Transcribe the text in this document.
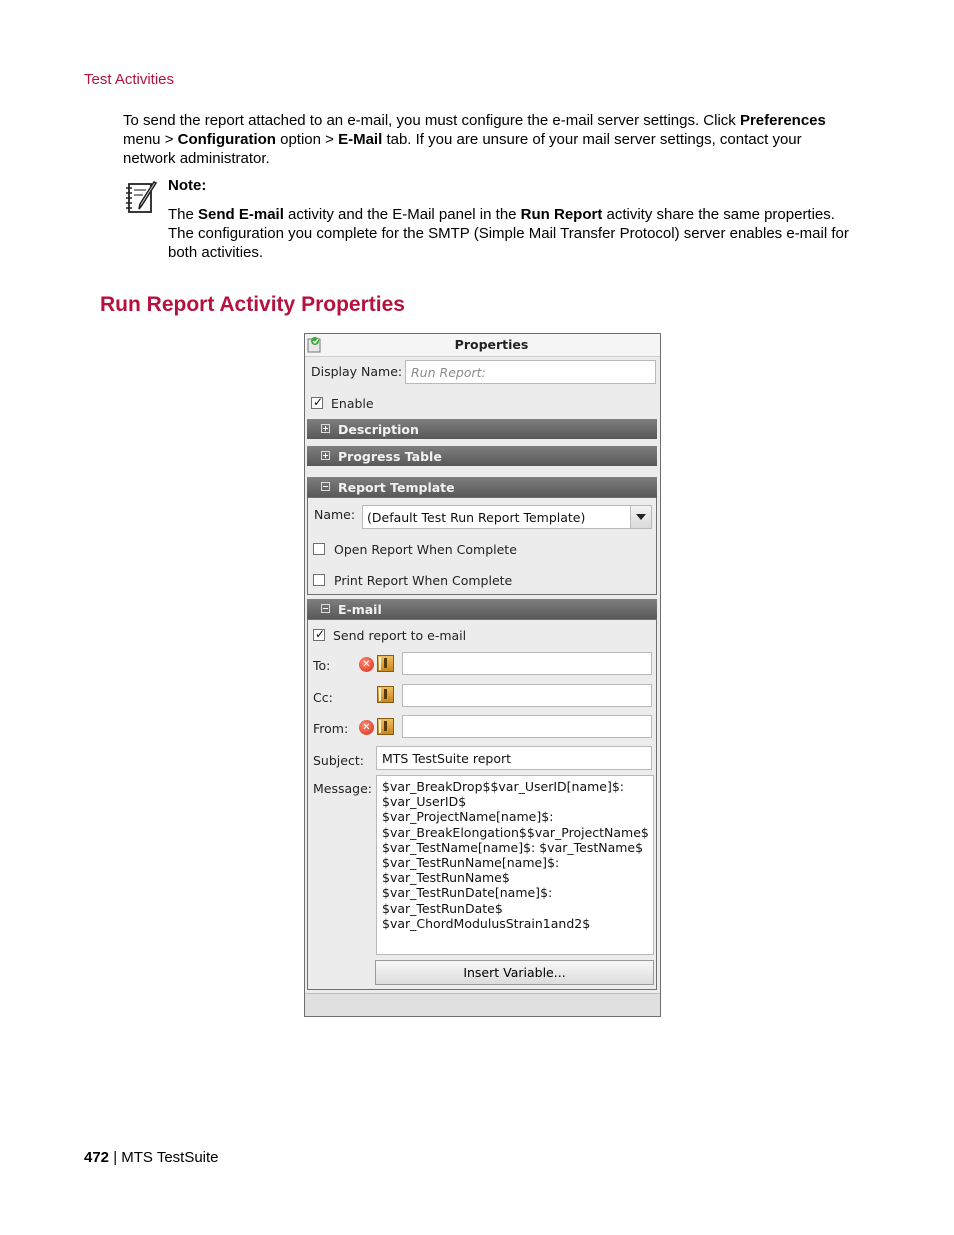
Test Activities
To send the report attached to an e-mail, you must configure the e-mail server settings. Click Preferences menu > Configuration option > E-Mail tab. If you are unsure of your mail server settings, contact your network administrator.
Note:
The Send E-mail activity and the E-Mail panel in the Run Report activity share the same properties. The configuration you complete for the SMTP (Simple Mail Transfer Protocol) server enables e-mail for both activities.
Run Report Activity Properties
Properties
Display Name: Run Report:
✓ Enable
Description
Progress Table
Report Template
Name: (Default Test Run Report Template)
Open Report When Complete
Print Report When Complete
E-mail
✓ Send report to e-mail
To:	✕
Cc:
From:	✕
Subject: MTS TestSuite report
Message: $var_BreakDrop$$var_UserID[name]$:
$var_UserID$
$var_ProjectName[name]$:
$var_BreakElongation$$var_ProjectName$
$var_TestName[name]$: $var_TestName$
$var_TestRunName[name]$:
$var_TestRunName$
$var_TestRunDate[name]$:
$var_TestRunDate$
$var_ChordModulusStrain1and2$
Insert Variable...
472 | MTS TestSuite
